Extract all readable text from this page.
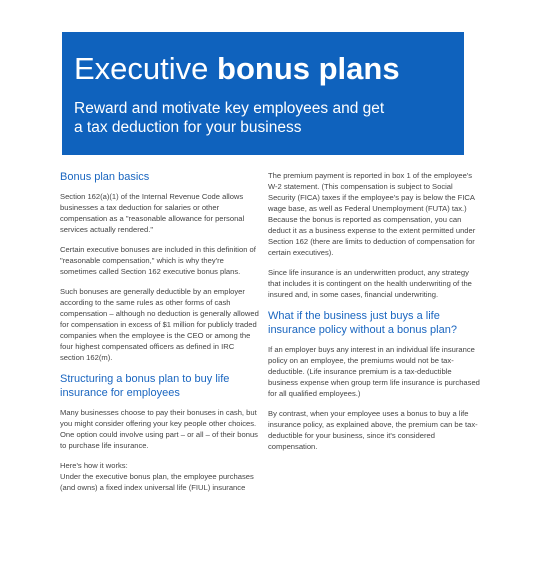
Executive bonus plans
Reward and motivate key employees and get
a tax deduction for your business
Bonus plan basics

Section 162(a)(1) of the Internal Revenue Code allows businesses a tax deduction for salaries or other compensation as a "reasonable allowance for personal services actually rendered."

Certain executive bonuses are included in this definition of "reasonable compensation," which is why they're sometimes called Section 162 executive bonus plans.

Such bonuses are generally deductible by an employer according to the same rules as other forms of cash compensation – although no deduction is generally allowed for compensation in excess of $1 million for publicly traded companies when the employee is the CEO or among the four highest compensated officers as defined in IRC section 162(m).

Structuring a bonus plan to buy life insurance for employees

Many businesses choose to pay their bonuses in cash, but you might consider offering your key people other choices. One option could involve using part – or all – of their bonus to purchase life insurance.

Here's how it works:

Under the executive bonus plan, the employee purchases (and owns) a fixed index universal life (FIUL) insurance

The premium payment is reported in box 1 of the employee's W-2 statement. (This compensation is subject to Social Security (FICA) taxes if the employee's pay is below the FICA wage base, as well as Federal Unemployment (FUTA) tax.) Because the bonus is reported as compensation, you can deduct it as a business expense to the extent permitted under Section 162 (there are limits to deduction of compensation for certain executives).

Since life insurance is an underwritten product, any strategy that includes it is contingent on the health underwriting of the insured and, in some cases, financial underwriting.

What if the business just buys a life insurance policy without a bonus plan?

If an employer buys any interest in an individual life insurance policy on an employee, the premiums would not be tax-deductible. (Life insurance premium is a tax-deductible business expense when group term life insurance is purchased for all qualified employees.)

By contrast, when your employee uses a bonus to buy a life insurance policy, as explained above, the premium can be tax-deductible for your business, since it's considered compensation.
